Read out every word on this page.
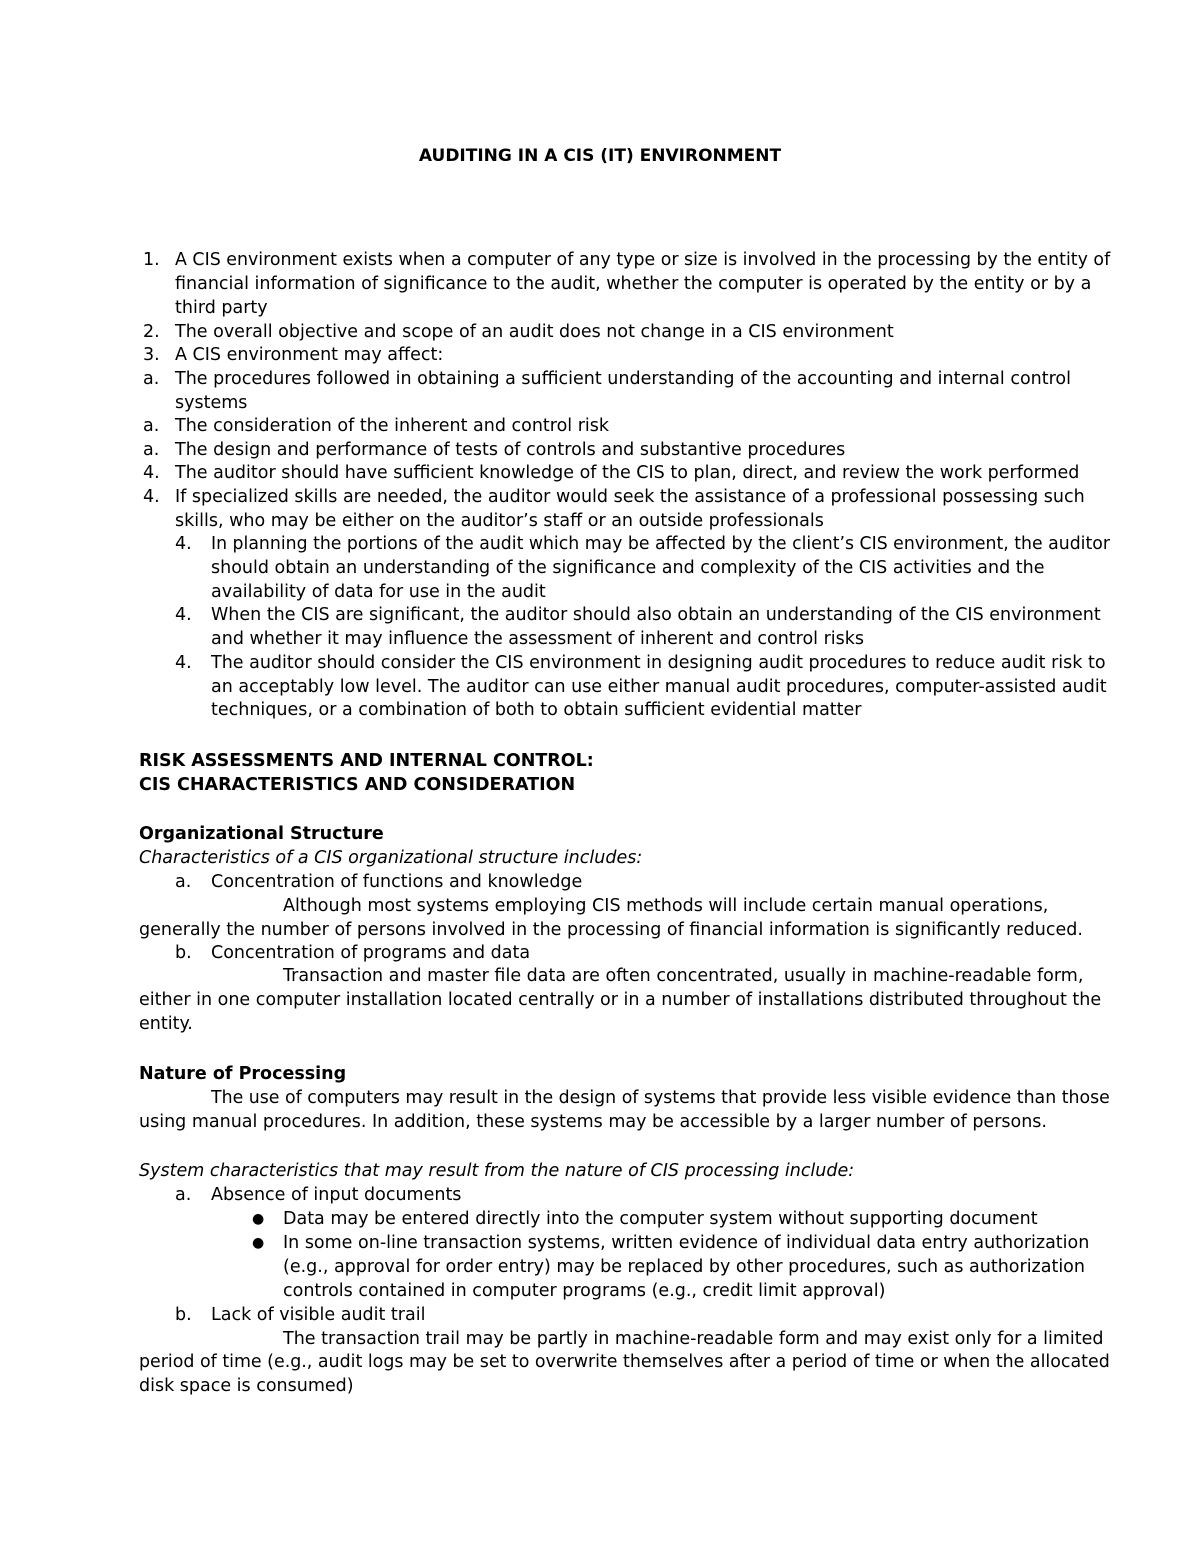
AUDITING IN A CIS (IT) ENVIRONMENT
1. A CIS environment exists when a computer of any type or size is involved in the processing by the entity of
financial information of significance to the audit, whether the computer is operated by the entity or by a
third party
2. The overall objective and scope of an audit does not change in a CIS environment
3. A CIS environment may affect:
a. The procedures followed in obtaining a sufficient understanding of the accounting and internal control
systems
a. The consideration of the inherent and control risk
a. The design and performance of tests of controls and substantive procedures
4. The auditor should have sufficient knowledge of the CIS to plan, direct, and review the work performed
4. If specialized skills are needed, the auditor would seek the assistance of a professional possessing such
skills, who may be either on the auditor’s staff or an outside professionals
4. In planning the portions of the audit which may be affected by the client’s CIS environment, the auditor
should obtain an understanding of the significance and complexity of the CIS activities and the
availability of data for use in the audit
4. When the CIS are significant, the auditor should also obtain an understanding of the CIS environment
and whether it may influence the assessment of inherent and control risks
4. The auditor should consider the CIS environment in designing audit procedures to reduce audit risk to
an acceptably low level. The auditor can use either manual audit procedures, computer-assisted audit
techniques, or a combination of both to obtain sufficient evidential matter
RISK ASSESSMENTS AND INTERNAL CONTROL:
CIS CHARACTERISTICS AND CONSIDERATION
Organizational Structure
Characteristics of a CIS organizational structure includes:
a. Concentration of functions and knowledge
Although most systems employing CIS methods will include certain manual operations,
generally the number of persons involved in the processing of financial information is significantly reduced.
b. Concentration of programs and data
Transaction and master file data are often concentrated, usually in machine-readable form,
either in one computer installation located centrally or in a number of installations distributed throughout the
entity.
Nature of Processing
The use of computers may result in the design of systems that provide less visible evidence than those
using manual procedures. In addition, these systems may be accessible by a larger number of persons.
System characteristics that may result from the nature of CIS processing include:
a. Absence of input documents
● Data may be entered directly into the computer system without supporting document
● In some on-line transaction systems, written evidence of individual data entry authorization
(e.g., approval for order entry) may be replaced by other procedures, such as authorization
controls contained in computer programs (e.g., credit limit approval)
b. Lack of visible audit trail
The transaction trail may be partly in machine-readable form and may exist only for a limited
period of time (e.g., audit logs may be set to overwrite themselves after a period of time or when the allocated
disk space is consumed)
